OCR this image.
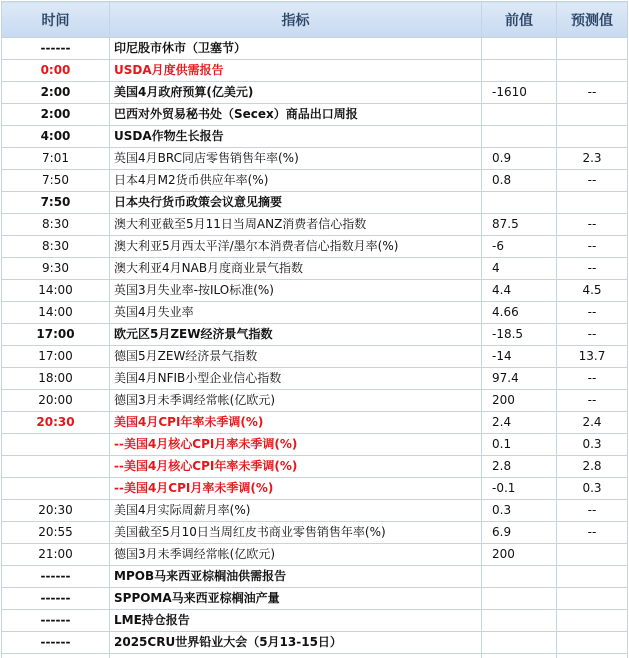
时间	指标	前值	预测值
------	印尼股市休市（卫塞节）		
0:00	USDA月度供需报告		
2:00	美国4月政府预算(亿美元)	-1610	--
2:00	巴西对外贸易秘书处（Secex）商品出口周报		
4:00	USDA作物生长报告		
7:01	英国4月BRC同店零售销售年率(%)	0.9	2.3
7:50	日本4月M2货币供应年率(%)	0.8	--
7:50	日本央行货币政策会议意见摘要		
8:30	澳大利亚截至5月11日当周ANZ消费者信心指数	87.5	--
8:30	澳大利亚5月西太平洋/墨尔本消费者信心指数月率(%)	-6	--
9:30	澳大利亚4月NAB月度商业景气指数	4	--
14:00	英国3月失业率-按ILO标准(%)	4.4	4.5
14:00	英国4月失业率	4.66	--
17:00	欧元区5月ZEW经济景气指数	-18.5	--
17:00	德国5月ZEW经济景气指数	-14	13.7
18:00	美国4月NFIB小型企业信心指数	97.4	--
20:00	德国3月未季调经常帐(亿欧元)	200	--
20:30	美国4月CPI年率未季调(%)	2.4	2.4
	--美国4月核心CPI月率未季调(%)	0.1	0.3
	--美国4月核心CPI年率未季调(%)	2.8	2.8
	--美国4月CPI月率未季调(%)	-0.1	0.3
20:30	美国4月实际周薪月率(%)	0.3	--
20:55	美国截至5月10日当周红皮书商业零售销售年率(%)	6.9	--
21:00	德国3月未季调经常帐(亿欧元)	200	
------	MPOB马来西亚棕榈油供需报告		
------	SPPOMA马来西亚棕榈油产量		
------	LME持仓报告		
------	2025CRU世界铅业大会（5月13-15日）		
